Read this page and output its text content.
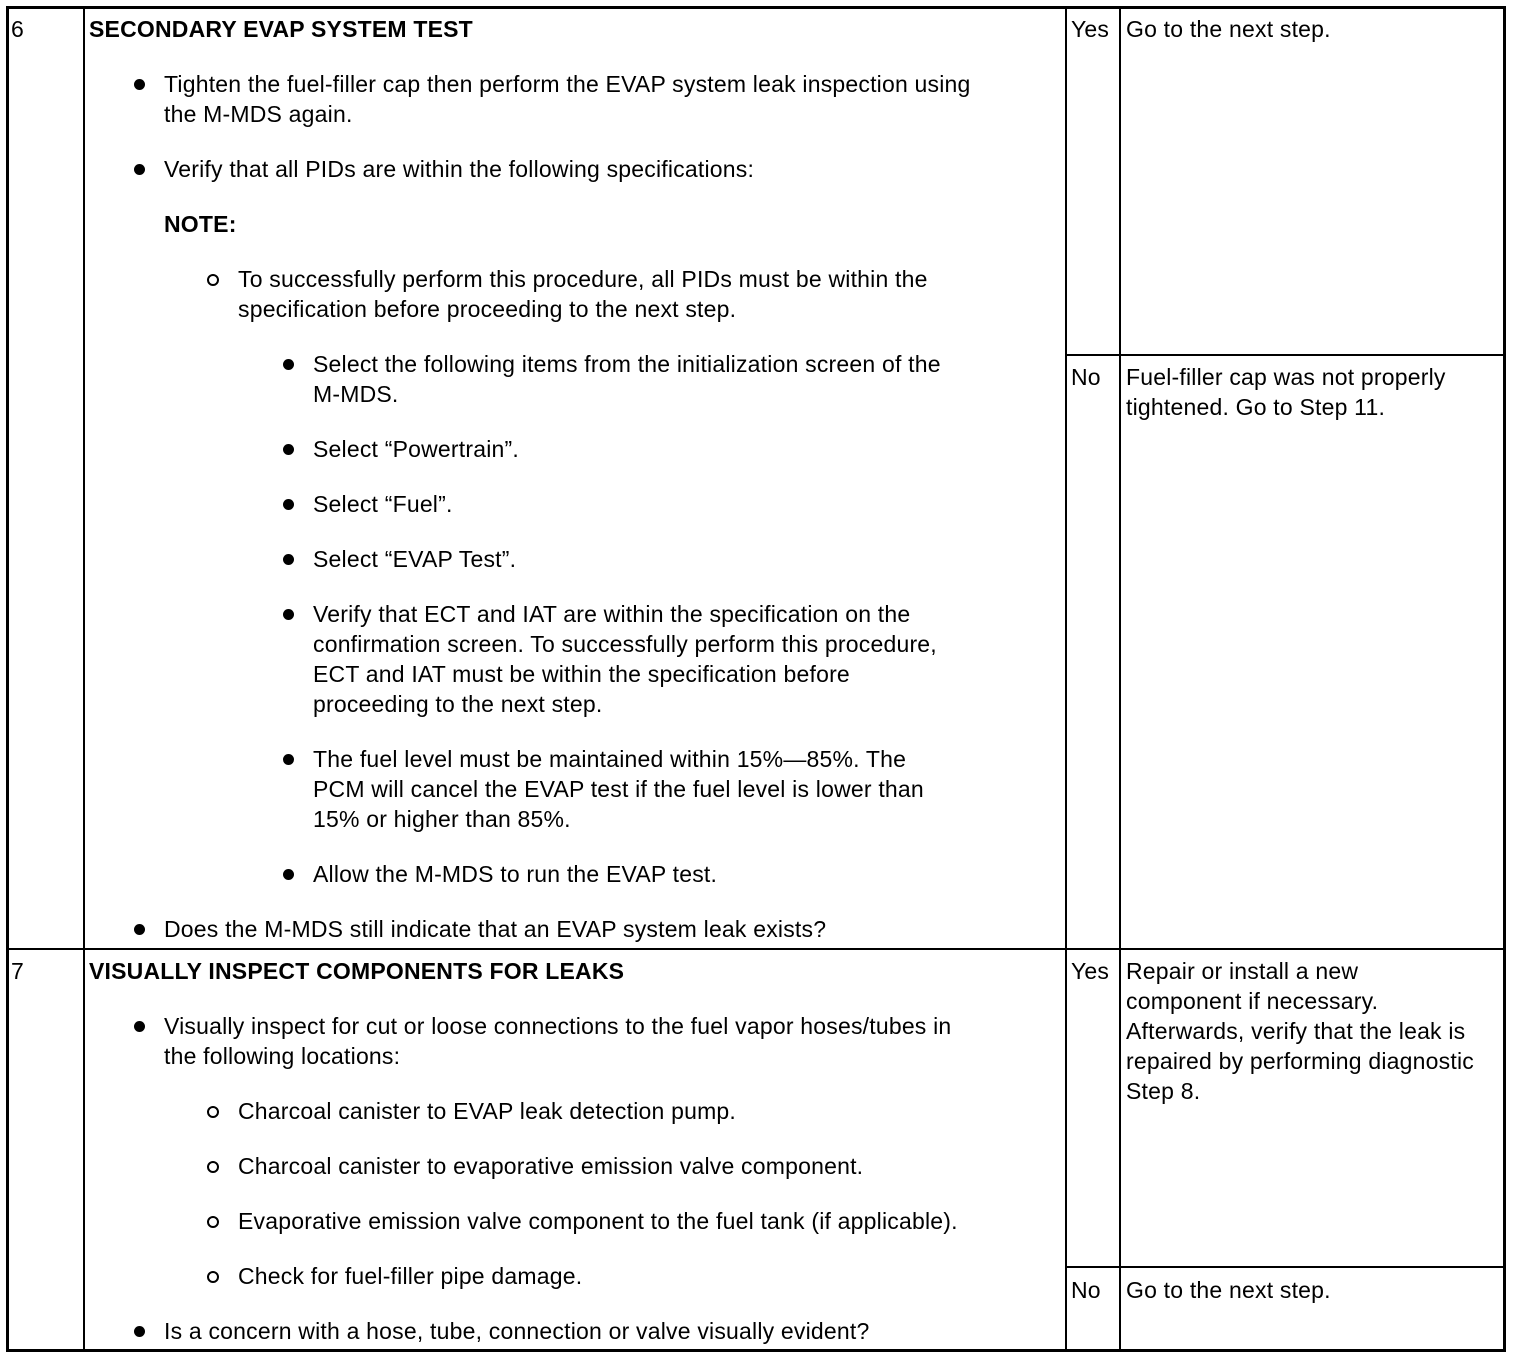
6	SECONDARY EVAP SYSTEM TEST
Tighten the fuel-filler cap then perform the EVAP system leak inspection using
the M-MDS again.
Verify that all PIDs are within the following specifications:
NOTE:
To successfully perform this procedure, all PIDs must be within the
specification before proceeding to the next step.
Select the following items from the initialization screen of the
M-MDS.
Select “Powertrain”.
Select “Fuel”.
Select “EVAP Test”.
Verify that ECT and IAT are within the specification on the
confirmation screen. To successfully perform this procedure,
ECT and IAT must be within the specification before
proceeding to the next step.
The fuel level must be maintained within 15%—85%. The
PCM will cancel the EVAP test if the fuel level is lower than
15% or higher than 85%.
Allow the M-MDS to run the EVAP test.
Does the M-MDS still indicate that an EVAP system leak exists?
Yes Go to the next step.
No Fuel-filler cap was not properly
tightened. Go to Step 11.
7	VISUALLY INSPECT COMPONENTS FOR LEAKS
Visually inspect for cut or loose connections to the fuel vapor hoses/tubes in
the following locations:
Charcoal canister to EVAP leak detection pump.
Charcoal canister to evaporative emission valve component.
Evaporative emission valve component to the fuel tank (if applicable).
Check for fuel-filler pipe damage.
Is a concern with a hose, tube, connection or valve visually evident?
Yes Repair or install a new
component if necessary.
Afterwards, verify that the leak is
repaired by performing diagnostic
Step 8.
No Go to the next step.
